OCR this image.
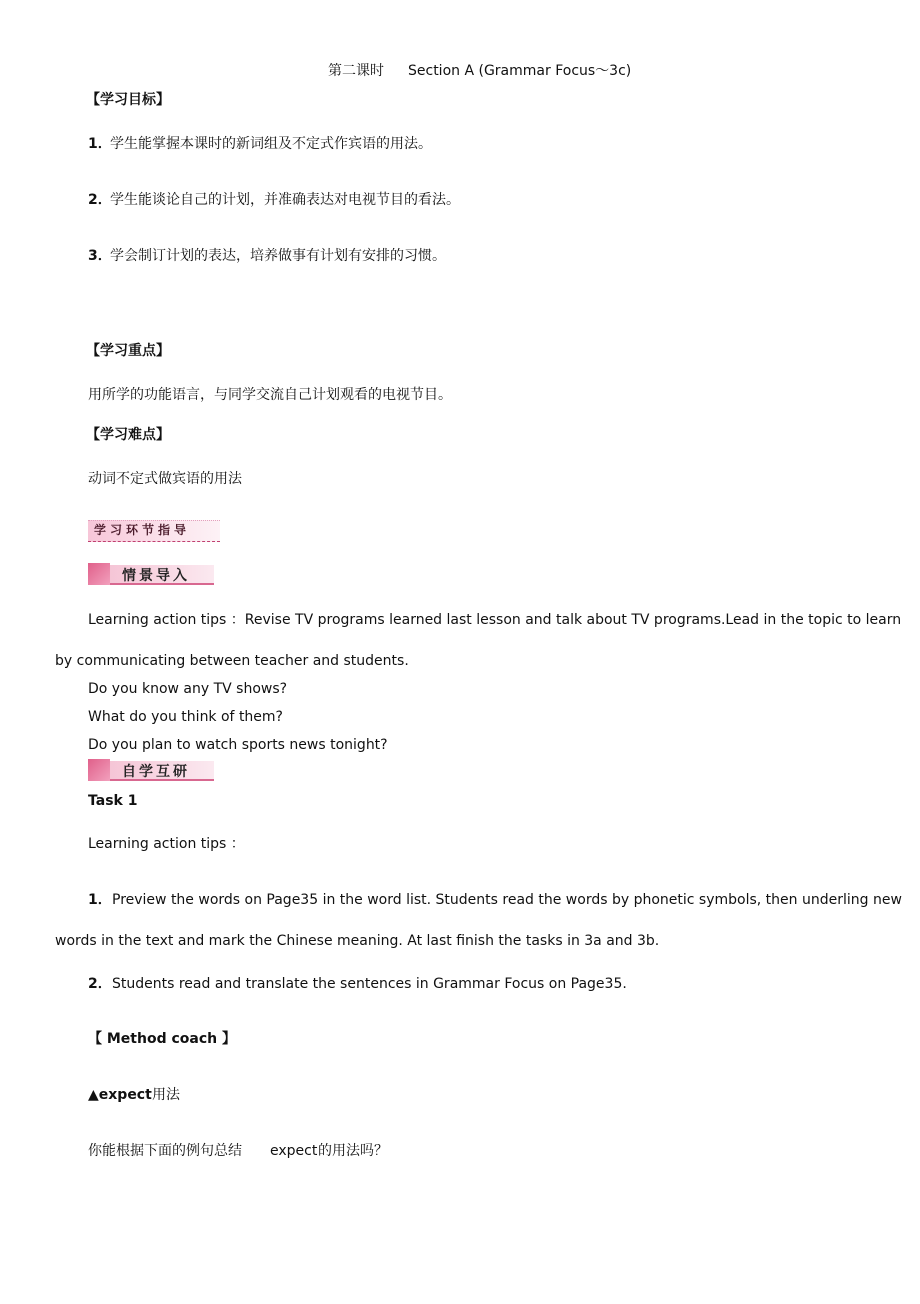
第二课时 Section A (Grammar Focus～3c)
【学习目标】
1．
学生能掌握本课时的新词组及不定式作宾语的用法。
2．
学生能谈论自己的计划，并准确表达对电视节目的看法。
3．
学会制订计划的表达，培养做事有计划有安排的习惯。
【学习重点】
用所学的功能语言，与同学交流自己计划观看的电视节目。
【学习难点】
动词不定式做宾语的用法
学习环节指导
情景导入
Learning action tips ：Revise TV programs learned last lesson and talk about TV programs.Lead in the topic to learn
by communicating between teacher and students.
Do you know any TV shows?
What do you think of them?
Do you plan to watch sports news tonight?
自学互研
Task 1
Learning action tips ：
1． Preview the words on Page35 in the word list. Students read the words by phonetic symbols, then underling new
words in the text and mark the Chinese meaning. At last finish the tasks in 3a and 3b.
2． Students read and translate the sentences in Grammar Focus on Page35.
【 Method coach 】
▲expect 用法
你能根据下面的例句总结 expect 的用法吗？
